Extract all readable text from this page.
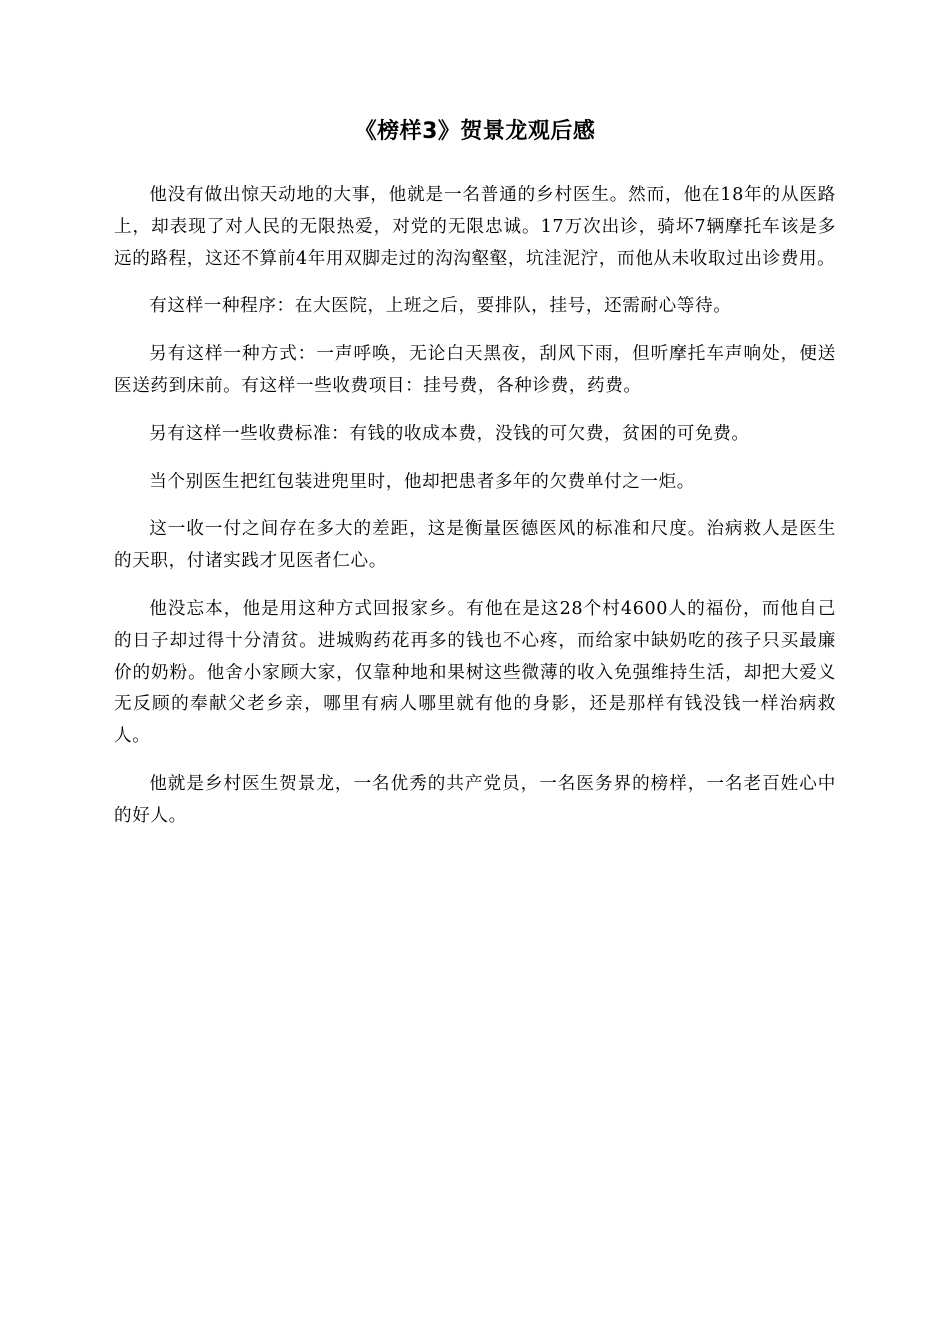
《榜样3》贺景龙观后感

他没有做出惊天动地的大事，他就是一名普通的乡村医生。然而，他在18年的从医路上，却表现了对人民的无限热爱，对党的无限忠诚。17万次出诊，骑坏7辆摩托车该是多远的路程，这还不算前4年用双脚走过的沟沟壑壑，坑洼泥泞，而他从未收取过出诊费用。

有这样一种程序：在大医院，上班之后，要排队，挂号，还需耐心等待。

另有这样一种方式：一声呼唤，无论白天黑夜，刮风下雨，但听摩托车声响处，便送医送药到床前。有这样一些收费项目：挂号费，各种诊费，药费。

另有这样一些收费标准：有钱的收成本费，没钱的可欠费，贫困的可免费。

当个别医生把红包装进兜里时，他却把患者多年的欠费单付之一炬。

这一收一付之间存在多大的差距，这是衡量医德医风的标准和尺度。治病救人是医生的天职，付诸实践才见医者仁心。

他没忘本，他是用这种方式回报家乡。有他在是这28个村4600人的福份，而他自己的日子却过得十分清贫。进城购药花再多的钱也不心疼，而给家中缺奶吃的孩子只买最廉价的奶粉。他舍小家顾大家，仅靠种地和果树这些微薄的收入免强维持生活，却把大爱义无反顾的奉献父老乡亲，哪里有病人哪里就有他的身影，还是那样有钱没钱一样治病救人。

他就是乡村医生贺景龙，一名优秀的共产党员，一名医务界的榜样，一名老百姓心中的好人。
